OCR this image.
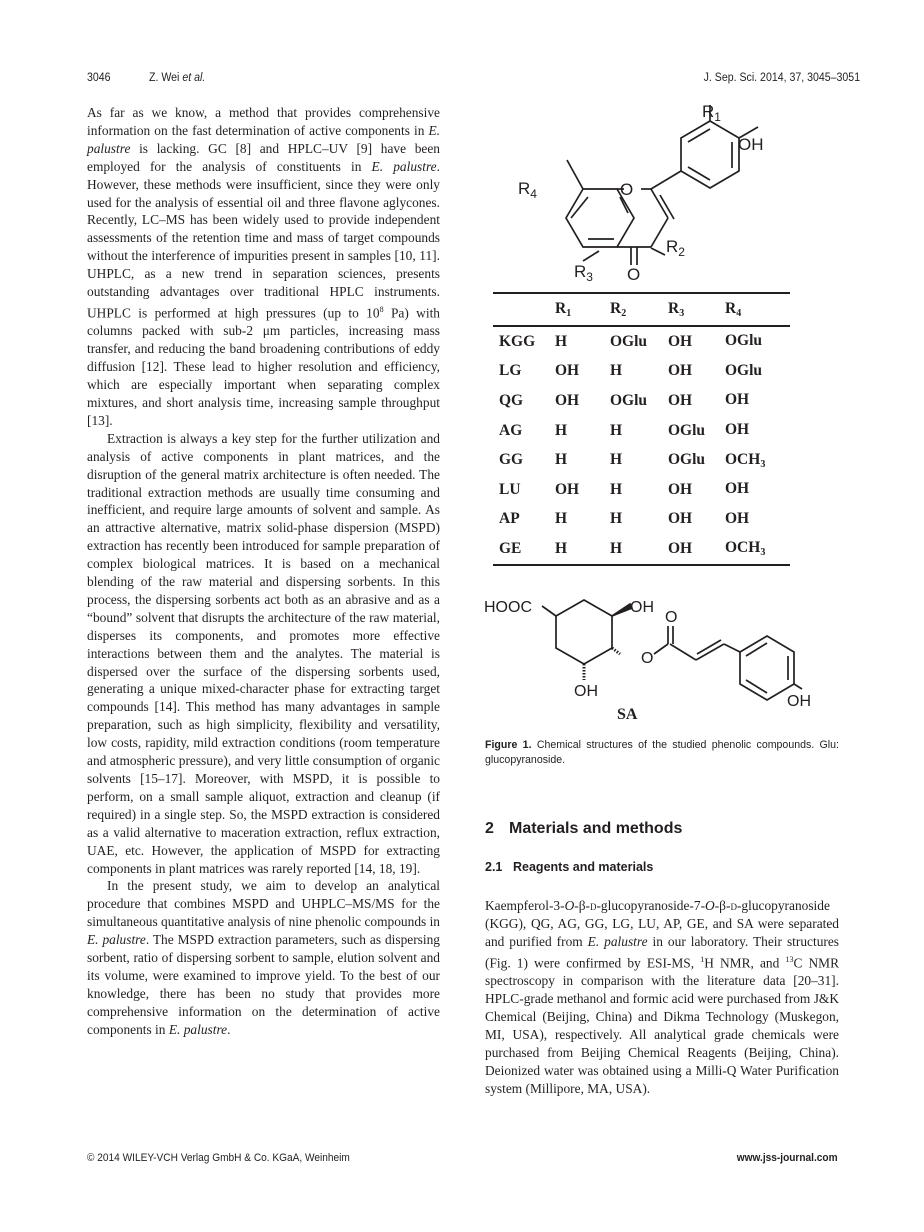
3046	Z. Wei et al.	J. Sep. Sci. 2014, 37, 3045–3051

As far as we know, a method that provides comprehensive information on the fast determination of active components in E. palustre is lacking. GC [8] and HPLC–UV [9] have been employed for the analysis of constituents in E. palustre. However, these methods were insufficient, since they were only used for the analysis of essential oil and three flavone aglycones. Recently, LC–MS has been widely used to provide independent assessments of the retention time and mass of target compounds without the interference of impurities present in samples [10, 11]. UHPLC, as a new trend in separation sciences, presents outstanding advantages over traditional HPLC instruments. UHPLC is performed at high pressures (up to $10^8$ Pa) with columns packed with sub-2 μm particles, increasing mass transfer, and reducing the band broadening contributions of eddy diffusion [12]. These lead to higher resolution and efficiency, which are especially important when separating complex mixtures, and short analysis time, increasing sample throughput [13].

Extraction is always a key step for the further utilization and analysis of active components in plant matrices, and the disruption of the general matrix architecture is often needed. The traditional extraction methods are usually time consuming and inefficient, and require large amounts of solvent and sample. As an attractive alternative, matrix solid-phase dispersion (MSPD) extraction has recently been introduced for sample preparation of complex biological matrices. It is based on a mechanical blending of the raw material and dispersing sorbents. In this process, the dispersing sorbents act both as an abrasive and as a “bound” solvent that disrupts the architecture of the raw material, disperses its components, and promotes more effective interactions between them and the analytes. The material is dispersed over the surface of the dispersing sorbents used, generating a unique mixed-character phase for extracting target compounds [14]. This method has many advantages in sample preparation, such as high simplicity, flexibility and versatility, low costs, rapidity, mild extraction conditions (room temperature and atmospheric pressure), and very little consumption of organic solvents [15–17]. Moreover, with MSPD, it is possible to perform, on a small sample aliquot, extraction and cleanup (if required) in a single step. So, the MSPD extraction is considered as a valid alternative to maceration extraction, reflux extraction, UAE, etc. However, the application of MSPD for extracting components in plant matrices was rarely reported [14, 18, 19].

In the present study, we aim to develop an analytical procedure that combines MSPD and UHPLC–MS/MS for the simultaneous quantitative analysis of nine phenolic compounds in E. palustre. The MSPD extraction parameters, such as dispersing sorbent, ratio of dispersing sorbent to sample, elution solvent and its volume, were examined to improve yield. To the best of our knowledge, there has been no study that provides more comprehensive information on the determination of active components in E. palustre.

O
O
OH
$R_1$
$R_2$
$R_3$
$R_4$
	$R_1$	$R_2$	$R_3$	$R_4$
KGG	H	OGlu	OH	OGlu
LG	OH	H	OH	OGlu
QG	OH	OGlu	OH	OH
AG	H	H	OGlu	OH
GG	H	H	OGlu	$OCH_3$
LU	OH	H	OH	OH
AP	H	H	OH	OH
GE	H	H	OH	$OCH_3$
HOOC	OH
O
O
OH
OH
SA
Figure 1. Chemical structures of the studied phenolic compounds. Glu: glucopyranoside.
2 Materials and methods
2.1 Reagents and materials

Kaempferol-3-O-β-d-glucopyranoside-7-O-β-d-glucopyranoside (KGG), QG, AG, GG, LG, LU, AP, GE, and SA were separated and purified from E. palustre in our laboratory. Their structures (Fig. 1) were confirmed by ESI-MS, $^1$H NMR, and $^{13}$C NMR spectroscopy in comparison with the literature data [20–31]. HPLC-grade methanol and formic acid were purchased from J&K Chemical (Beijing, China) and Dikma Technology (Muskegon, MI, USA), respectively. All analytical grade chemicals were purchased from Beijing Chemical Reagents (Beijing, China). Deionized water was obtained using a Milli-Q Water Purification system (Millipore, MA, USA).

© 2014 WILEY-VCH Verlag GmbH & Co. KGaA, Weinheim	www.jss-journal.com
